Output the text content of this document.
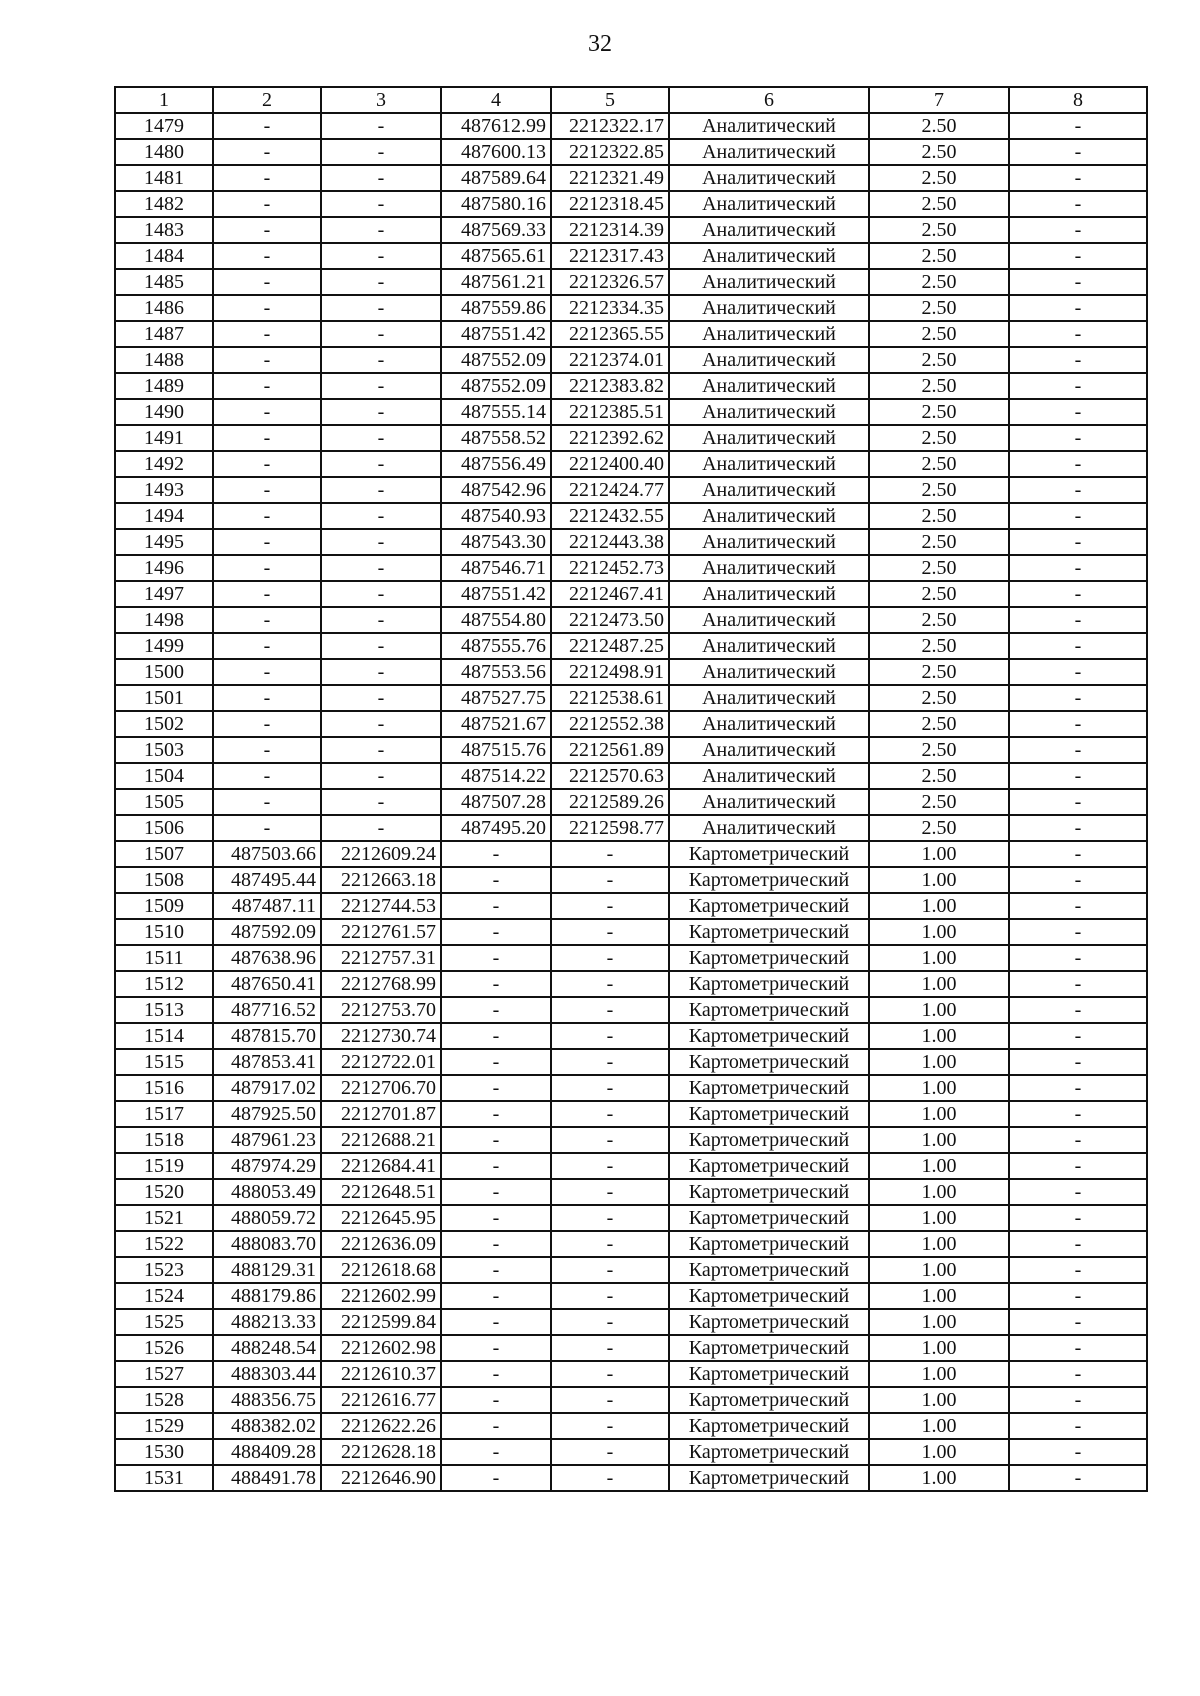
32
1	2	3	4	5	6	7	8
1479	-	-	487612.99	2212322.17	Аналитический	2.50	-
1480	-	-	487600.13	2212322.85	Аналитический	2.50	-
1481	-	-	487589.64	2212321.49	Аналитический	2.50	-
1482	-	-	487580.16	2212318.45	Аналитический	2.50	-
1483	-	-	487569.33	2212314.39	Аналитический	2.50	-
1484	-	-	487565.61	2212317.43	Аналитический	2.50	-
1485	-	-	487561.21	2212326.57	Аналитический	2.50	-
1486	-	-	487559.86	2212334.35	Аналитический	2.50	-
1487	-	-	487551.42	2212365.55	Аналитический	2.50	-
1488	-	-	487552.09	2212374.01	Аналитический	2.50	-
1489	-	-	487552.09	2212383.82	Аналитический	2.50	-
1490	-	-	487555.14	2212385.51	Аналитический	2.50	-
1491	-	-	487558.52	2212392.62	Аналитический	2.50	-
1492	-	-	487556.49	2212400.40	Аналитический	2.50	-
1493	-	-	487542.96	2212424.77	Аналитический	2.50	-
1494	-	-	487540.93	2212432.55	Аналитический	2.50	-
1495	-	-	487543.30	2212443.38	Аналитический	2.50	-
1496	-	-	487546.71	2212452.73	Аналитический	2.50	-
1497	-	-	487551.42	2212467.41	Аналитический	2.50	-
1498	-	-	487554.80	2212473.50	Аналитический	2.50	-
1499	-	-	487555.76	2212487.25	Аналитический	2.50	-
1500	-	-	487553.56	2212498.91	Аналитический	2.50	-
1501	-	-	487527.75	2212538.61	Аналитический	2.50	-
1502	-	-	487521.67	2212552.38	Аналитический	2.50	-
1503	-	-	487515.76	2212561.89	Аналитический	2.50	-
1504	-	-	487514.22	2212570.63	Аналитический	2.50	-
1505	-	-	487507.28	2212589.26	Аналитический	2.50	-
1506	-	-	487495.20	2212598.77	Аналитический	2.50	-
1507	487503.66	2212609.24	-	-	Картометрический	1.00	-
1508	487495.44	2212663.18	-	-	Картометрический	1.00	-
1509	487487.11	2212744.53	-	-	Картометрический	1.00	-
1510	487592.09	2212761.57	-	-	Картометрический	1.00	-
1511	487638.96	2212757.31	-	-	Картометрический	1.00	-
1512	487650.41	2212768.99	-	-	Картометрический	1.00	-
1513	487716.52	2212753.70	-	-	Картометрический	1.00	-
1514	487815.70	2212730.74	-	-	Картометрический	1.00	-
1515	487853.41	2212722.01	-	-	Картометрический	1.00	-
1516	487917.02	2212706.70	-	-	Картометрический	1.00	-
1517	487925.50	2212701.87	-	-	Картометрический	1.00	-
1518	487961.23	2212688.21	-	-	Картометрический	1.00	-
1519	487974.29	2212684.41	-	-	Картометрический	1.00	-
1520	488053.49	2212648.51	-	-	Картометрический	1.00	-
1521	488059.72	2212645.95	-	-	Картометрический	1.00	-
1522	488083.70	2212636.09	-	-	Картометрический	1.00	-
1523	488129.31	2212618.68	-	-	Картометрический	1.00	-
1524	488179.86	2212602.99	-	-	Картометрический	1.00	-
1525	488213.33	2212599.84	-	-	Картометрический	1.00	-
1526	488248.54	2212602.98	-	-	Картометрический	1.00	-
1527	488303.44	2212610.37	-	-	Картометрический	1.00	-
1528	488356.75	2212616.77	-	-	Картометрический	1.00	-
1529	488382.02	2212622.26	-	-	Картометрический	1.00	-
1530	488409.28	2212628.18	-	-	Картометрический	1.00	-
1531	488491.78	2212646.90	-	-	Картометрический	1.00	-
